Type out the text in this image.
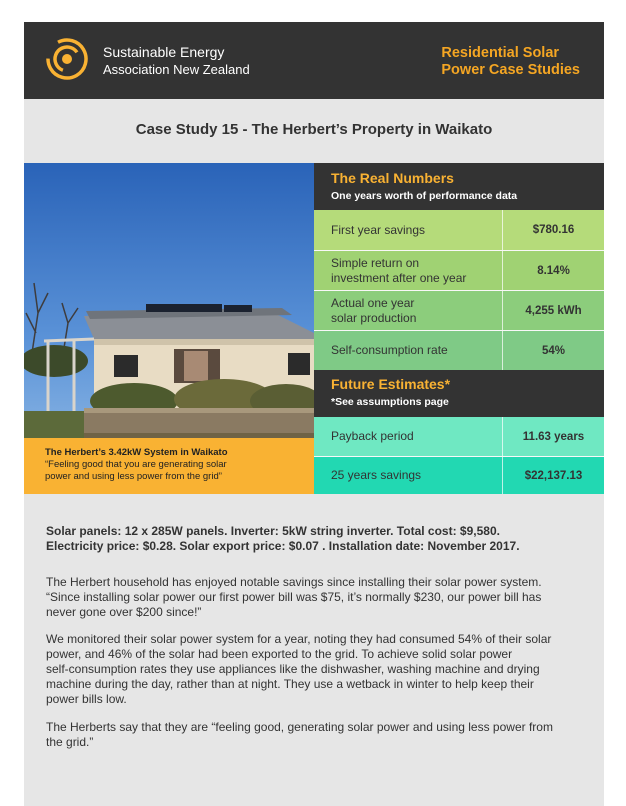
Sustainable Energy
Association New Zealand
Residential Solar
Power Case Studies
Case Study 15 - The Herbert’s Property in Waikato
The Herbert’s 3.42kW System in Waikato
“Feeling good that you are generating solar
power and using less power from the grid”
The Real Numbers
One years worth of performance data
First year savings	$780.16
Simple return on
investment after one year	8.14%
Actual one year
solar production	4,255 kWh
Self-consumption rate	54%
Future Estimates*
*See assumptions page
Payback period	11.63 years
25 years savings	$22,137.13
Solar panels: 12 x 285W panels. Inverter: 5kW string inverter. Total cost: $9,580.
Electricity price: $0.28. Solar export price: $0.07 . Installation date: November 2017.
The Herbert household has enjoyed notable savings since installing their solar power system.
“Since installing solar power our first power bill was $75, it’s normally $230, our power bill has
never gone over $200 since!”
We monitored their solar power system for a year, noting they had consumed 54% of their solar
power, and 46% of the solar had been exported to the grid. To achieve solid solar power
self-consumption rates they use appliances like the dishwasher, washing machine and drying
machine during the day, rather than at night. They use a wetback in winter to help keep their
power bills low.
The Herberts say that they are “feeling good, generating solar power and using less power from
the grid.”
